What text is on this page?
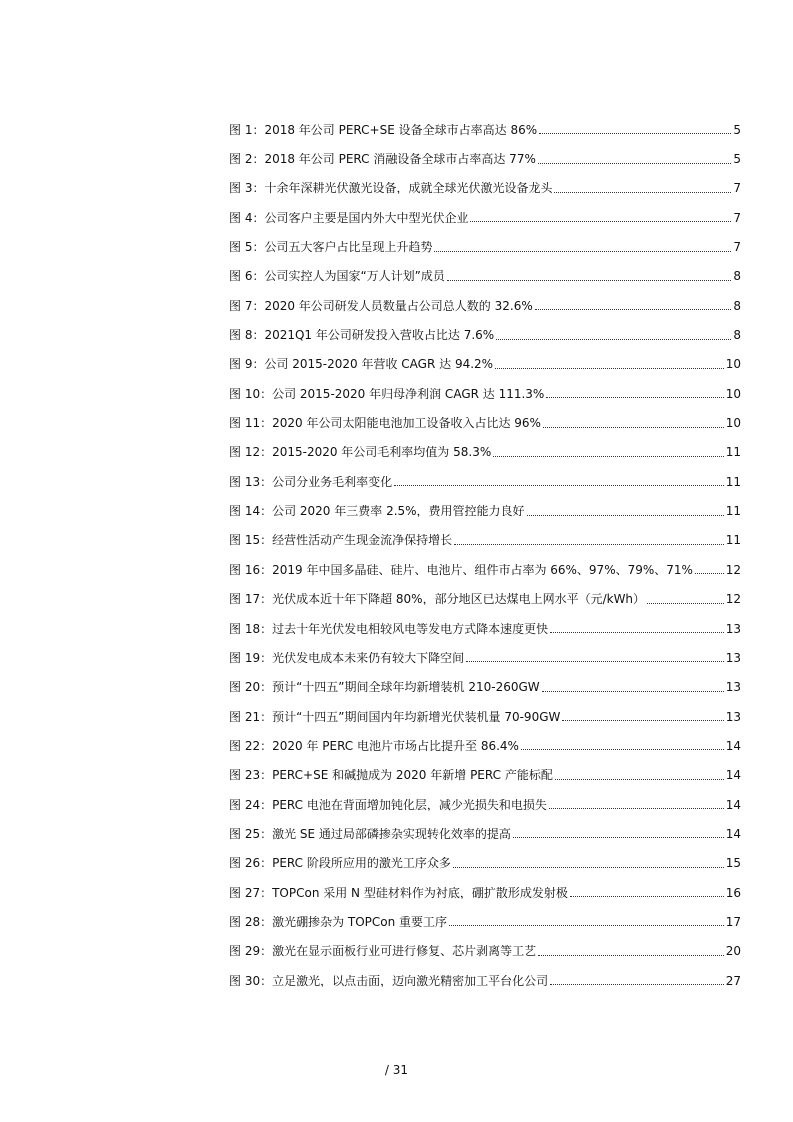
图 1：2018 年公司 PERC+SE 设备全球市占率高达 86%	5
图 2：2018 年公司 PERC 消融设备全球市占率高达 77%	5
图 3：十余年深耕光伏激光设备，成就全球光伏激光设备龙头	7
图 4：公司客户主要是国内外大中型光伏企业	7
图 5：公司五大客户占比呈现上升趋势	7
图 6：公司实控人为国家“万人计划”成员	8
图 7：2020 年公司研发人员数量占公司总人数的 32.6%	8
图 8：2021Q1 年公司研发投入营收占比达 7.6%	8
图 9：公司 2015-2020 年营收 CAGR 达 94.2%	10
图 10：公司 2015-2020 年归母净利润 CAGR 达 111.3%	10
图 11：2020 年公司太阳能电池加工设备收入占比达 96%	10
图 12：2015-2020 年公司毛利率均值为 58.3%	11
图 13：公司分业务毛利率变化	11
图 14：公司 2020 年三费率 2.5%，费用管控能力良好	11
图 15：经营性活动产生现金流净保持增长	11
图 16：2019 年中国多晶硅、硅片、电池片、组件市占率为 66%、97%、79%、71%	12
图 17：光伏成本近十年下降超 80%，部分地区已达煤电上网水平（元/kWh）	12
图 18：过去十年光伏发电相较风电等发电方式降本速度更快	13
图 19：光伏发电成本未来仍有较大下降空间	13
图 20：预计“十四五”期间全球年均新增装机 210-260GW	13
图 21：预计“十四五”期间国内年均新增光伏装机量 70-90GW	13
图 22：2020 年 PERC 电池片市场占比提升至 86.4%	14
图 23：PERC+SE 和碱抛成为 2020 年新增 PERC 产能标配	14
图 24：PERC 电池在背面增加钝化层，减少光损失和电损失	14
图 25：激光 SE 通过局部磷掺杂实现转化效率的提高	14
图 26：PERC 阶段所应用的激光工序众多	15
图 27：TOPCon 采用 N 型硅材料作为衬底，硼扩散形成发射极	16
图 28：激光硼掺杂为 TOPCon 重要工序	17
图 29：激光在显示面板行业可进行修复、芯片剥离等工艺	20
图 30：立足激光，以点击面，迈向激光精密加工平台化公司	27
/ 31
